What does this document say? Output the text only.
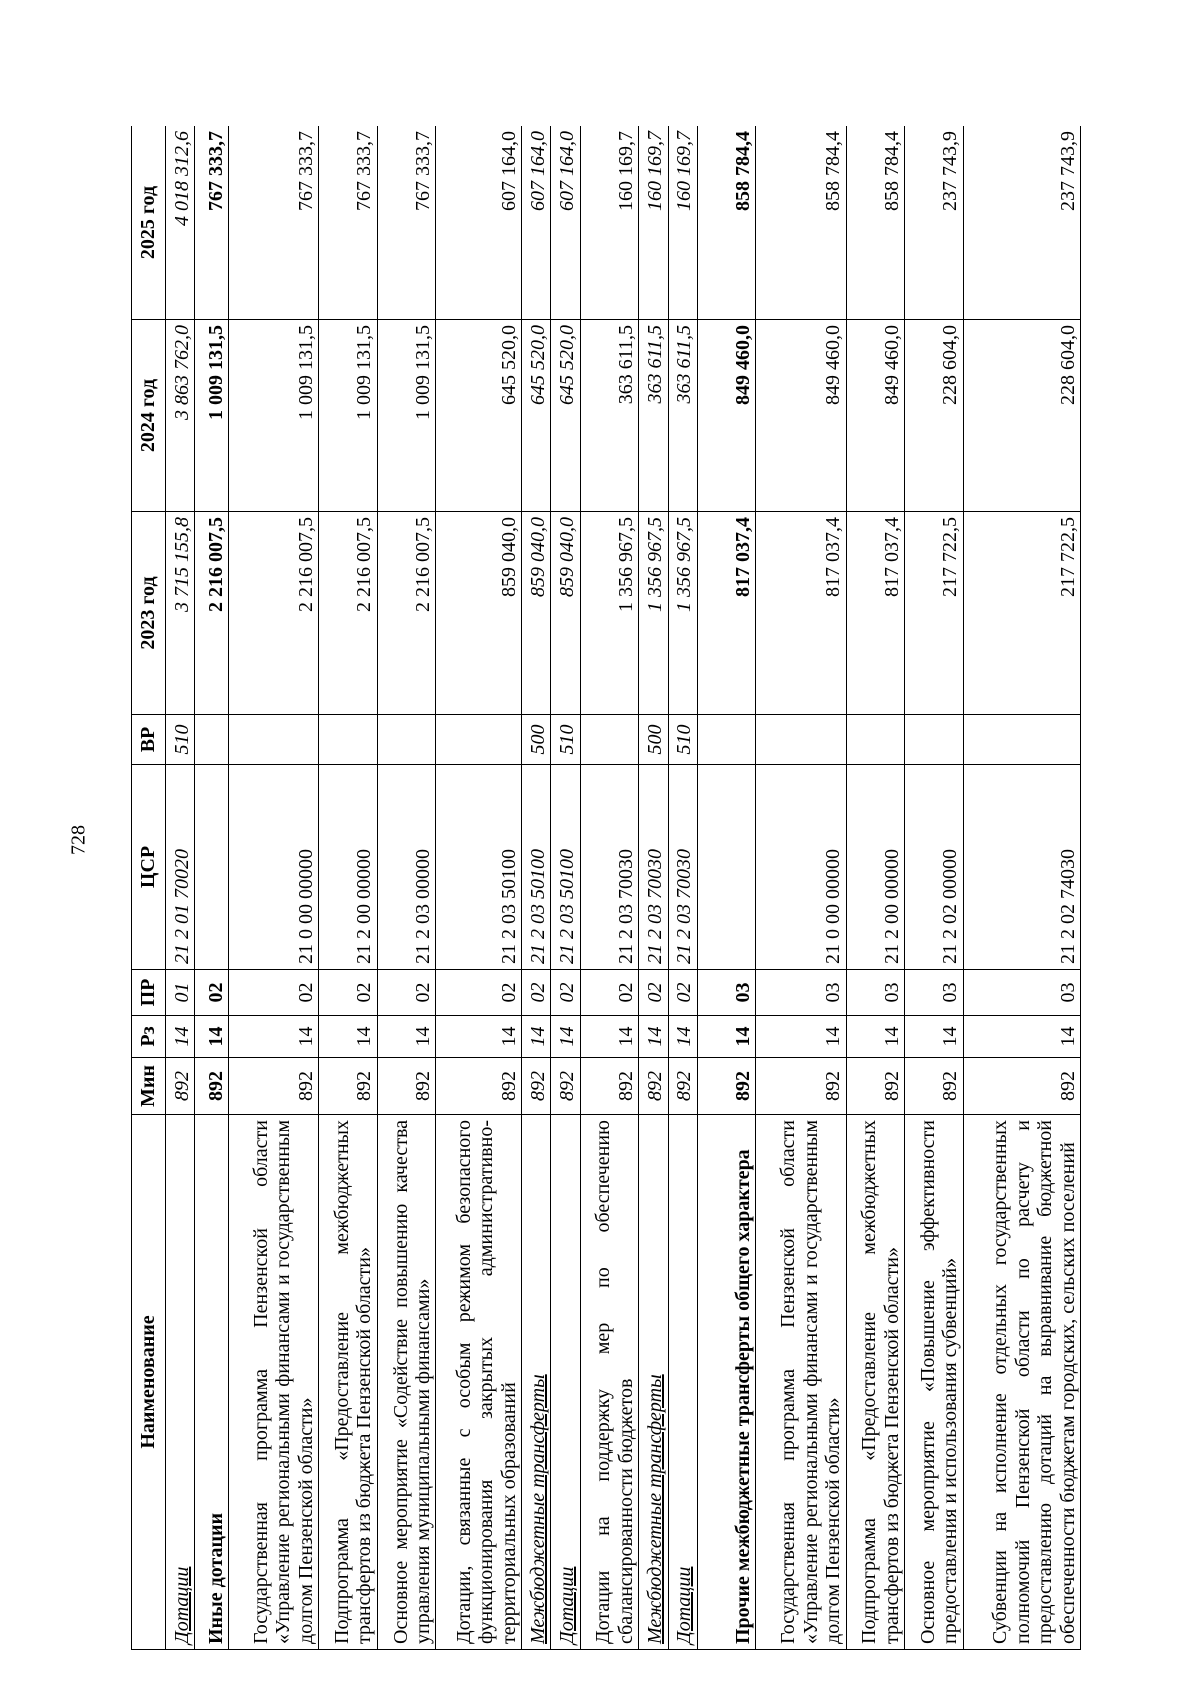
728
Наименование	Мин	Рз	ПР	ЦСР	ВР	2023 год	2024 год	2025 год
Дотации	892	14	01	21 2 01 70020	510	3 715 155,8	3 863 762,0	4 018 312,6
Иные дотации	892	14	02			2 216 007,5	1 009 131,5	767 333,7
Государственная программа Пензенской области «Управление региональными финансами и государственным долгом Пензенской области»	892	14	02	21 0 00 00000		2 216 007,5	1 009 131,5	767 333,7
Подпрограмма «Предоставление межбюджетных трансфертов из бюджета Пензенской области»	892	14	02	21 2 00 00000		2 216 007,5	1 009 131,5	767 333,7
Основное мероприятие «Содействие повышению качества управления муниципальными финансами»	892	14	02	21 2 03 00000		2 216 007,5	1 009 131,5	767 333,7
Дотации, связанные с особым режимом безопасного функционирования закрытых административно-территориальных образований	892	14	02	21 2 03 50100		859 040,0	645 520,0	607 164,0
Межбюджетные трансферты	892	14	02	21 2 03 50100	500	859 040,0	645 520,0	607 164,0
Дотации	892	14	02	21 2 03 50100	510	859 040,0	645 520,0	607 164,0
Дотации на поддержку мер по обеспечению сбалансированности бюджетов	892	14	02	21 2 03 70030		1 356 967,5	363 611,5	160 169,7
Межбюджетные трансферты	892	14	02	21 2 03 70030	500	1 356 967,5	363 611,5	160 169,7
Дотации	892	14	02	21 2 03 70030	510	1 356 967,5	363 611,5	160 169,7
Прочие межбюджетные трансферты общего характера	892	14	03			817 037,4	849 460,0	858 784,4
Государственная программа Пензенской области «Управление региональными финансами и государственным долгом Пензенской области»	892	14	03	21 0 00 00000		817 037,4	849 460,0	858 784,4
Подпрограмма «Предоставление межбюджетных трансфертов из бюджета Пензенской области»	892	14	03	21 2 00 00000		817 037,4	849 460,0	858 784,4
Основное мероприятие «Повышение эффективности предоставления и использования субвенций»	892	14	03	21 2 02 00000		217 722,5	228 604,0	237 743,9
Субвенции на исполнение отдельных государственных полномочий Пензенской области по расчету и предоставлению дотаций на выравнивание бюджетной обеспеченности бюджетам городских, сельских поселений	892	14	03	21 2 02 74030		217 722,5	228 604,0	237 743,9
